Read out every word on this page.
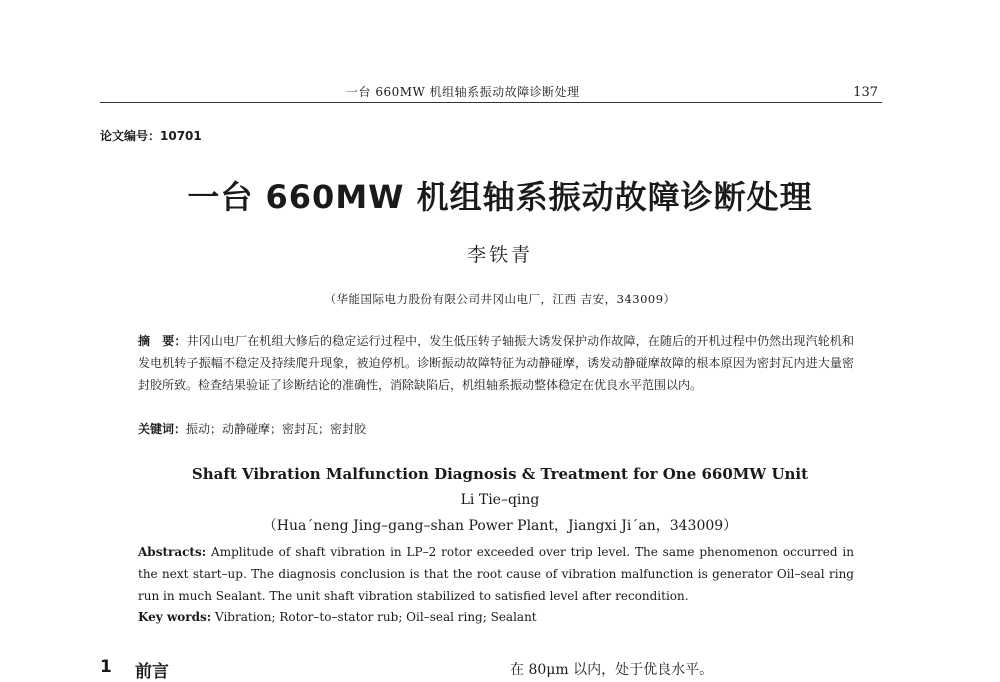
一台 660MW 机组轴系振动故障诊断处理	137
论文编号：10701
一台 660MW 机组轴系振动故障诊断处理
李铁青
（华能国际电力股份有限公司井冈山电厂，江西 吉安，343009）
摘　要：井冈山电厂在机组大修后的稳定运行过程中，发生低压转子轴振大诱发保护动作故障，在随后的开机过程中仍然出现汽轮机和发电机转子振幅不稳定及持续爬升现象，被迫停机。诊断振动故障特征为动静碰摩，诱发动静碰摩故障的根本原因为密封瓦内进大量密封胶所致。检查结果验证了诊断结论的准确性，消除缺陷后，机组轴系振动整体稳定在优良水平范围以内。
关键词：振动；动静碰摩；密封瓦；密封胶
Shaft Vibration Malfunction Diagnosis & Treatment for One 660MW Unit
Li Tie–qing
（Hua´neng Jing–gang–shan Power Plant，Jiangxi Ji´an，343009）
Abstracts: Amplitude of shaft vibration in LP–2 rotor exceeded over trip level. The same phenomenon occurred in the next start–up. The diagnosis conclusion is that the root cause of vibration malfunction is generator Oil–seal ring run in much Sealant. The unit shaft vibration stabilized to satisfied level after recondition.
Key words: Vibration; Rotor–to–stator rub; Oil–seal ring; Sealant
1 前言	在 80μm 以内，处于优良水平。
